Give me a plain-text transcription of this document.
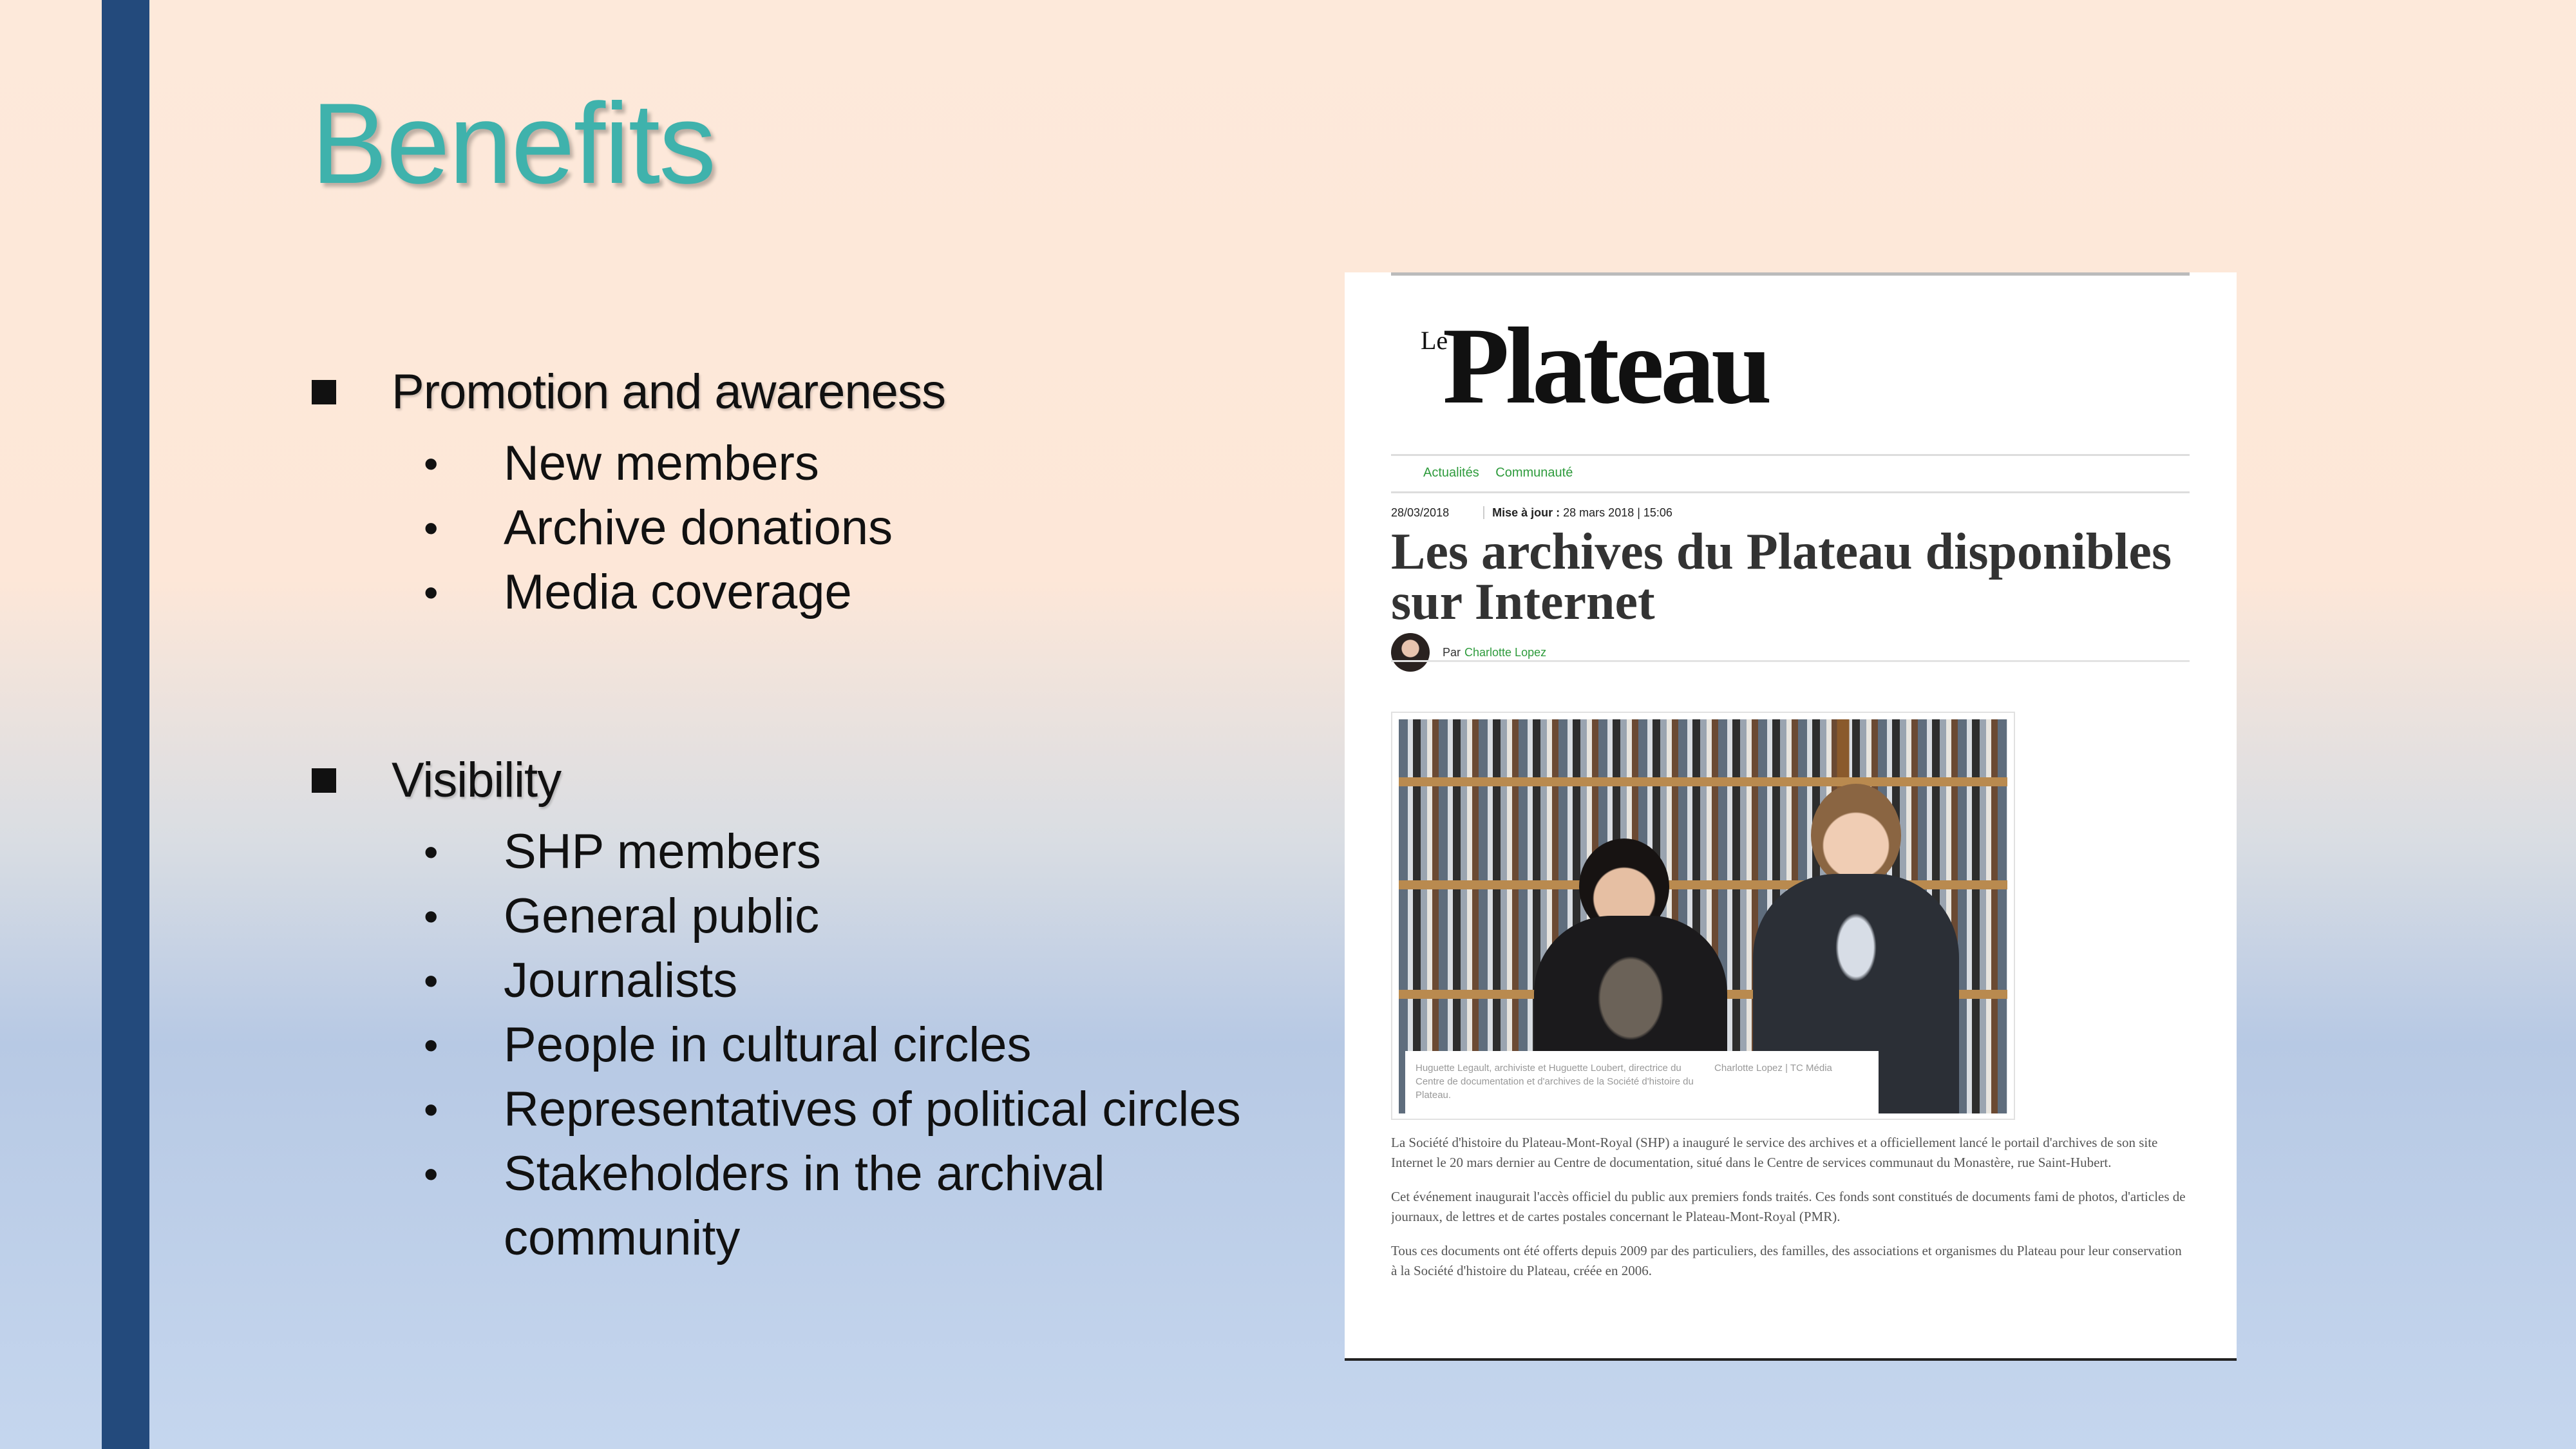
Benefits
Promotion and awareness
• New members
• Archive donations
• Media coverage
Visibility
• SHP members
• General public
• Journalists
• People in cultural circles
• Representatives of political circles
• Stakeholders in the archival community
Le
Plateau
Actualités Communauté
28/03/2018	Mise à jour : 28 mars 2018 | 15:06
Les archives du Plateau disponibles sur Internet
Par Charlotte Lopez
Huguette Legault, archiviste et Huguette Loubert, directrice du Centre de documentation et d'archives de la Société d'histoire du Plateau.
Charlotte Lopez | TC Média

La Société d'histoire du Plateau-Mont-Royal (SHP) a inauguré le service des archives et a officiellement lancé le portail d'archives de son site Internet le 20 mars dernier au Centre de documentation, situé dans le Centre de services communaut du Monastère, rue Saint-Hubert.

Cet événement inaugurait l'accès officiel du public aux premiers fonds traités. Ces fonds sont constitués de documents fami de photos, d'articles de journaux, de lettres et de cartes postales concernant le Plateau-Mont-Royal (PMR).

Tous ces documents ont été offerts depuis 2009 par des particuliers, des familles, des associations et organismes du Plateau pour leur conservation à la Société d'histoire du Plateau, créée en 2006.
